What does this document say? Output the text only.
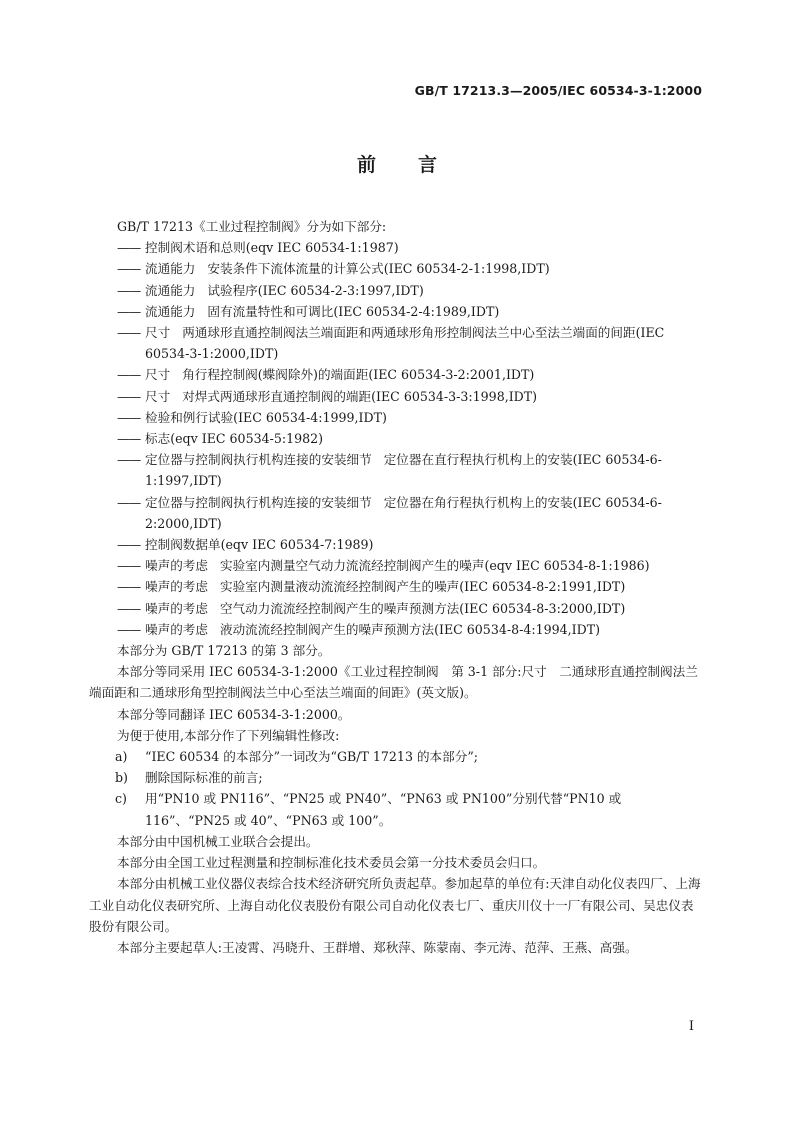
GB/T 17213.3—2005/IEC 60534-3-1:2000
前 言

GB/T 17213《工业过程控制阀》分为如下部分:

—— 控制阀术语和总则(eqv IEC 60534-1:1987)

—— 流通能力 安装条件下流体流量的计算公式(IEC 60534-2-1:1998,IDT)

—— 流通能力 试验程序(IEC 60534-2-3:1997,IDT)

—— 流通能力 固有流量特性和可调比(IEC 60534-2-4:1989,IDT)

—— 尺寸 两通球形直通控制阀法兰端面距和两通球形角形控制阀法兰中心至法兰端面的间距(IEC 60534-3-1:2000,IDT)

—— 尺寸 角行程控制阀(蝶阀除外)的端面距(IEC 60534-3-2:2001,IDT)

—— 尺寸 对焊式两通球形直通控制阀的端距(IEC 60534-3-3:1998,IDT)

—— 检验和例行试验(IEC 60534-4:1999,IDT)

—— 标志(eqv IEC 60534-5:1982)

—— 定位器与控制阀执行机构连接的安装细节 定位器在直行程执行机构上的安装(IEC 60534-6-1:1997,IDT)

—— 定位器与控制阀执行机构连接的安装细节 定位器在角行程执行机构上的安装(IEC 60534-6-2:2000,IDT)

—— 控制阀数据单(eqv IEC 60534-7:1989)

—— 噪声的考虑 实验室内测量空气动力流流经控制阀产生的噪声(eqv IEC 60534-8-1:1986)

—— 噪声的考虑 实验室内测量液动流流经控制阀产生的噪声(IEC 60534-8-2:1991,IDT)

—— 噪声的考虑 空气动力流流经控制阀产生的噪声预测方法(IEC 60534-8-3:2000,IDT)

—— 噪声的考虑 液动流流经控制阀产生的噪声预测方法(IEC 60534-8-4:1994,IDT)

本部分为 GB/T 17213 的第 3 部分。

本部分等同采用 IEC 60534-3-1:2000《工业过程控制阀　第 3-1 部分:尺寸　二通球形直通控制阀法兰端面距和二通球形角型控制阀法兰中心至法兰端面的间距》(英文版)。

本部分等同翻译 IEC 60534-3-1:2000。

为便于使用,本部分作了下列编辑性修改:

a) “IEC 60534 的本部分”一词改为“GB/T 17213 的本部分”;

b) 删除国际标准的前言;

c) 用“PN10 或 PN116”、“PN25 或 PN40”、“PN63 或 PN100”分别代替“PN10 或 116”、“PN25 或 40”、“PN63 或 100”。

本部分由中国机械工业联合会提出。

本部分由全国工业过程测量和控制标准化技术委员会第一分技术委员会归口。

本部分由机械工业仪器仪表综合技术经济研究所负责起草。参加起草的单位有:天津自动化仪表四厂、上海工业自动化仪表研究所、上海自动化仪表股份有限公司自动化仪表七厂、重庆川仪十一厂有限公司、吴忠仪表股份有限公司。

本部分主要起草人:王凌霄、冯晓升、王群增、郑秋萍、陈蒙南、李元涛、范萍、王燕、高强。

I
